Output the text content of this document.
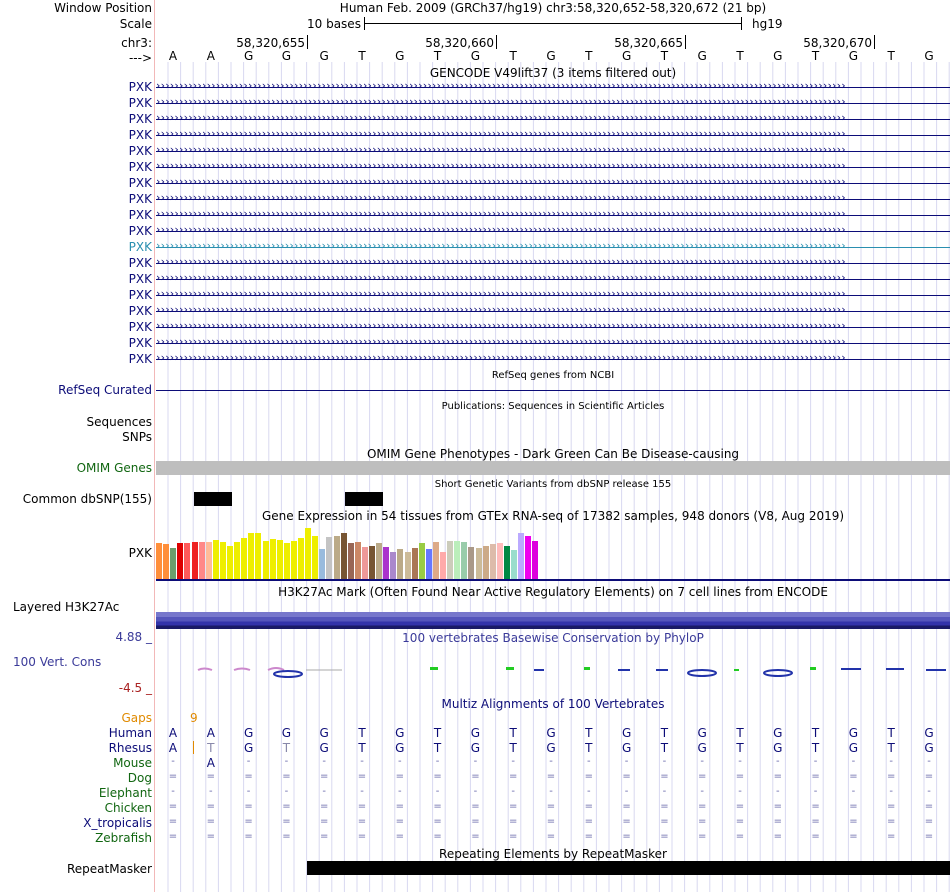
Window Position	Human Feb. 2009 (GRCh37/hg19) chr3:58,320,652-58,320,672 (21 bp)
Scale	10 bases	hg19
chr3:	58,320,655	58,320,660	58,320,665	58,320,670
--->	A	A	G	G	G	T	G	T	G	T	G	T	G	T	G	T	G	T	G	T	G
GENCODE V49lift37 (3 items filtered out)
PXK ››››››››››››››››››››››››››››››››››››››››››››››››››››››››››››››››››››››››››››››››››››››››››››››››››››››››››››››››››››››››››››››››››››››››››››››››››››››
PXK ››››››››››››››››››››››››››››››››››››››››››››››››››››››››››››››››››››››››››››››››››››››››››››››››››››››››››››››››››››››››››››››››››››››››››››››››››››››
PXK ››››››››››››››››››››››››››››››››››››››››››››››››››››››››››››››››››››››››››››››››››››››››››››››››››››››››››››››››››››››››››››››››››››››››››››››››››››››
PXK ››››››››››››››››››››››››››››››››››››››››››››››››››››››››››››››››››››››››››››››››››››››››››››››››››››››››››››››››››››››››››››››››››››››››››››››››››››››
PXK ››››››››››››››››››››››››››››››››››››››››››››››››››››››››››››››››››››››››››››››››››››››››››››››››››››››››››››››››››››››››››››››››››››››››››››››››››››››
PXK ››››››››››››››››››››››››››››››››››››››››››››››››››››››››››››››››››››››››››››››››››››››››››››››››››››››››››››››››››››››››››››››››››››››››››››››››››››››
PXK ››››››››››››››››››››››››››››››››››››››››››››››››››››››››››››››››››››››››››››››››››››››››››››››››››››››››››››››››››››››››››››››››››››››››››››››››››››››
PXK ››››››››››››››››››››››››››››››››››››››››››››››››››››››››››››››››››››››››››››››››››››››››››››››››››››››››››››››››››››››››››››››››››››››››››››››››››››››
PXK ››››››››››››››››››››››››››››››››››››››››››››››››››››››››››››››››››››››››››››››››››››››››››››››››››››››››››››››››››››››››››››››››››››››››››››››››››››››
PXK ››››››››››››››››››››››››››››››››››››››››››››››››››››››››››››››››››››››››››››››››››››››››››››››››››››››››››››››››››››››››››››››››››››››››››››››››››››››
PXK ››››››››››››››››››››››››››››››››››››››››››››››››››››››››››››››››››››››››››››››››››››››››››››››››››››››››››››››››››››››››››››››››››››››››››››››››››››››
PXK ››››››››››››››››››››››››››››››››››››››››››››››››››››››››››››››››››››››››››››››››››››››››››››››››››››››››››››››››››››››››››››››››››››››››››››››››››››››
PXK ››››››››››››››››››››››››››››››››››››››››››››››››››››››››››››››››››››››››››››››››››››››››››››››››››››››››››››››››››››››››››››››››››››››››››››››››››››››
PXK ››››››››››››››››››››››››››››››››››››››››››››››››››››››››››››››››››››››››››››››››››››››››››››››››››››››››››››››››››››››››››››››››››››››››››››››››››››››
PXK ››››››››››››››››››››››››››››››››››››››››››››››››››››››››››››››››››››››››››››››››››››››››››››››››››››››››››››››››››››››››››››››››››››››››››››››››››››››
PXK ››››››››››››››››››››››››››››››››››››››››››››››››››››››››››››››››››››››››››››››››››››››››››››››››››››››››››››››››››››››››››››››››››››››››››››››››››››››
PXK ››››››››››››››››››››››››››››››››››››››››››››››››››››››››››››››››››››››››››››››››››››››››››››››››››››››››››››››››››››››››››››››››››››››››››››››››››››››
PXK ››››››››››››››››››››››››››››››››››››››››››››››››››››››››››››››››››››››››››››››››››››››››››››››››››››››››››››››››››››››››››››››››››››››››››››››››››››››
RefSeq genes from NCBI
RefSeq Curated
Publications: Sequences in Scientific Articles
Sequences
SNPs
OMIM Gene Phenotypes - Dark Green Can Be Disease-causing
OMIM Genes
Short Genetic Variants from dbSNP release 155
Common dbSNP(155)
Gene Expression in 54 tissues from GTEx RNA-seq of 17382 samples, 948 donors (V8, Aug 2019)
PXK
H3K27Ac Mark (Often Found Near Active Regulatory Elements) on 7 cell lines from ENCODE
Layered H3K27Ac
100 vertebrates Basewise Conservation by PhyloP
4.88 _
100 Vert. Cons
-4.5 _
Multiz Alignments of 100 Vertebrates
Gaps	9
Human	A	A	G	G	G	T	G	T	G	T	G	T	G	T	G	T	G	T	G	T	G
Rhesus	A	T	G	T	G	T	G	T	G	T	G	T	G	T	G	T	G	T	G	T	G
Mouse	-	A	-	-	-	-	-	-	-	-	-	-	-	-	-	-	-	-	-	-	-
Dog	=	=	=	=	=	=	=	=	=	=	=	=	=	=	=	=	=	=	=	=	=
Elephant	-	-	-	-	-	-	-	-	-	-	-	-	-	-	-	-	-	-	-	-	-
Chicken	=	=	=	=	=	=	=	=	=	=	=	=	=	=	=	=	=	=	=	=	=
X_tropicalis	=	=	=	=	=	=	=	=	=	=	=	=	=	=	=	=	=	=	=	=	=
Zebrafish	=	=	=	=	=	=	=	=	=	=	=	=	=	=	=	=	=	=	=	=	=
Repeating Elements by RepeatMasker
RepeatMasker
